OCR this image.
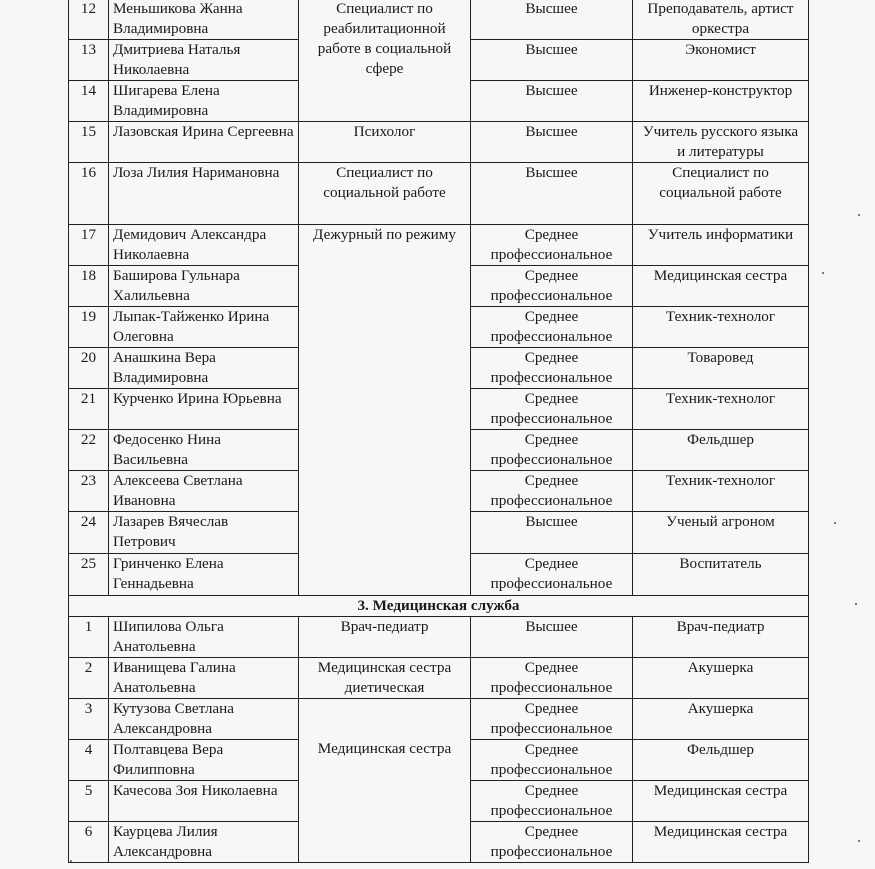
12	Меньшикова Жанна Владимировна	Специалист по реабилитационной работе в социальной сфере	Высшее	Преподаватель, артист оркестра
13	Дмитриева Наталья Николаевна		Высшее	Экономист
14	Шигарева Елена Владимировна		Высшее	Инженер-конструктор
15	Лазовская Ирина Сергеевна	Психолог	Высшее	Учитель русского языка и литературы
16	Лоза Лилия Наримановна	Специалист по социальной работе	Высшее	Специалист по социальной работе
17	Демидович Александра Николаевна	Дежурный по режиму	Среднее профессиональное	Учитель информатики
18	Баширова Гульнара Халильевна		Среднее профессиональное	Медицинская сестра
19	Лыпак-Тайженко Ирина Олеговна		Среднее профессиональное	Техник-технолог
20	Анашкина Вера Владимировна		Среднее профессиональное	Товаровед
21	Курченко Ирина Юрьевна		Среднее профессиональное	Техник-технолог
22	Федосенко Нина Васильевна		Среднее профессиональное	Фельдшер
23	Алексеева Светлана Ивановна		Среднее профессиональное	Техник-технолог
24	Лазарев Вячеслав Петрович		Высшее	Ученый агроном
25	Гринченко Елена Геннадьевна		Среднее профессиональное	Воспитатель
3. Медицинская служба				
1	Шипилова Ольга Анатольевна	Врач-педиатр	Высшее	Врач-педиатр
2	Иванищева Галина Анатольевна	Медицинская сестра диетическая	Среднее профессиональное	Акушерка
3	Кутузова Светлана Александровна	Медицинская сестра	Среднее профессиональное	Акушерка
4	Полтавцева Вера Филипповна		Среднее профессиональное	Фельдшер
5	Качесова Зоя Николаевна		Среднее профессиональное	Медицинская сестра
6	Каурцева Лилия Александровна		Среднее профессиональное	Медицинская сестра
